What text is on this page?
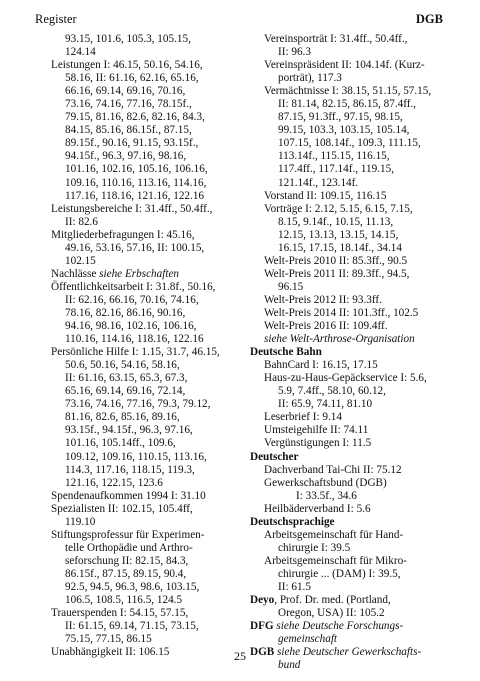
Register	DGB
93.15, 101.6, 105.3, 105.15,
124.14
Leistungen I: 46.15, 50.16, 54.16,
58.16, II: 61.16, 62.16, 65.16,
66.16, 69.14, 69.16, 70.16,
73.16, 74.16, 77.16, 78.15f.,
79.15, 81.16, 82.6, 82.16, 84.3,
84.15, 85.16, 86.15f., 87.15,
89.15f., 90.16, 91.15, 93.15f.,
94.15f., 96.3, 97.16, 98.16,
101.16, 102.16, 105.16, 106.16,
109.16, 110.16, 113.16, 114.16,
117.16, 118.16, 121.16, 122.16
Leistungsbereiche I: 31.4ff., 50.4ff.,
II: 82.6
Mitgliederbefragungen I: 45.16,
49.16, 53.16, 57.16, II: 100.15,
102.15
Nachlässe siehe Erbschaften
Öffentlichkeitsarbeit I: 31.8f., 50.16,
II: 62.16, 66.16, 70.16, 74.16,
78.16, 82.16, 86.16, 90.16,
94.16, 98.16, 102.16, 106.16,
110.16, 114.16, 118.16, 122.16
Persönliche Hilfe I: 1.15, 31.7, 46.15,
50.6, 50.16, 54.16, 58.16,
II: 61.16, 63.15, 65.3, 67.3,
65.16, 69.14, 69.16, 72.14,
73.16, 74.16, 77.16, 79.3, 79.12,
81.16, 82.6, 85.16, 89.16,
93.15f., 94.15f., 96.3, 97.16,
101.16, 105.14ff., 109.6,
109.12, 109.16, 110.15, 113.16,
114.3, 117.16, 118.15, 119.3,
121.16, 122.15, 123.6
Spendenaufkommen 1994 I: 31.10
Spezialisten II: 102.15, 105.4ff,
119.10
Stiftungsprofessur für Experimen-
telle Orthopädie und Arthro-
seforschung II: 82.15, 84.3,
86.15f., 87.15, 89.15, 90.4,
92.5, 94.5, 96.3, 98.6, 103.15,
106.5, 108.5, 116.5, 124.5
Trauerspenden I: 54.15, 57.15,
II: 61.15, 69.14, 71.15, 73.15,
75.15, 77.15, 86.15
Unabhängigkeit II: 106.15
Vereinsporträt I: 31.4ff., 50.4ff.,
II: 96.3
Vereinspräsident II: 104.14f. (Kurz-
porträt), 117.3
Vermächtnisse I: 38.15, 51.15, 57.15,
II: 81.14, 82.15, 86.15, 87.4ff.,
87.15, 91.3ff., 97.15, 98.15,
99.15, 103.3, 103.15, 105.14,
107.15, 108.14f., 109.3, 111.15,
113.14f., 115.15, 116.15,
117.4ff., 117.14f., 119.15,
121.14f., 123.14f.
Vorstand II: 109.15, 116.15
Vorträge I: 2.12, 5.15, 6.15, 7.15,
8.15, 9.14f., 10.15, 11.13,
12.15, 13.13, 13.15, 14.15,
16.15, 17.15, 18.14f., 34.14
Welt-Preis 2010 II: 85.3ff., 90.5
Welt-Preis 2011 II: 89.3ff., 94.5,
96.15
Welt-Preis 2012 II: 93.3ff.
Welt-Preis 2014 II: 101.3ff., 102.5
Welt-Preis 2016 II: 109.4ff.
siehe Welt-Arthrose-Organisation
Deutsche Bahn
BahnCard I: 16.15, 17.15
Haus-zu-Haus-Gepäckservice I: 5.6,
5.9, 7.4ff., 58.10, 60.12,
II: 65.9, 74.11, 81.10
Leserbrief I: 9.14
Umsteigehilfe II: 74.11
Vergünstigungen I: 11.5
Deutscher
Dachverband Tai-Chi II: 75.12
Gewerkschaftsbund (DGB)
I: 33.5f., 34.6
Heilbäderverband I: 5.6
Deutschsprachige
Arbeitsgemeinschaft für Hand-
chirurgie I: 39.5
Arbeitsgemeinschaft für Mikro-
chirurgie ... (DAM) I: 39.5,
II: 61.5
Deyo, Prof. Dr. med. (Portland,
Oregon, USA) II: 105.2
DFG siehe Deutsche Forschungs-
gemeinschaft
DGB siehe Deutscher Gewerkschafts-
bund
25
